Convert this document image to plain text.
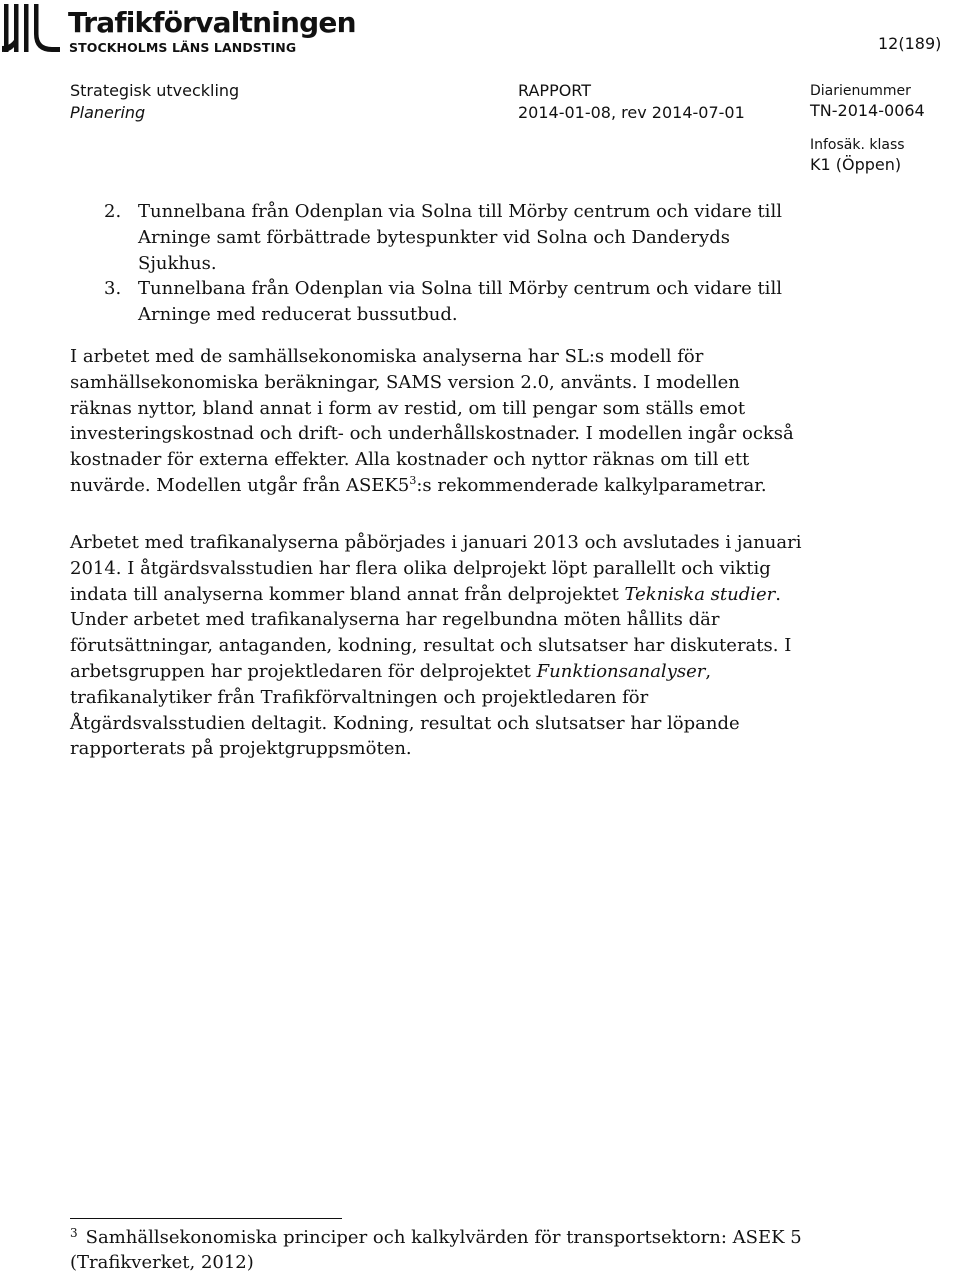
Trafikförvaltningen
STOCKHOLMS LÄNS LANDSTING	12(189)
Strategisk utveckling
Planering
RAPPORT
2014-01-08, rev 2014-07-01
Diarienummer
TN-2014-0064
Infosäk. klass
K1 (Öppen)
2. Tunnelbana från Odenplan via Solna till Mörby centrum och vidare till
Arninge samt förbättrade bytespunkter vid Solna och Danderyds
Sjukhus.
3. Tunnelbana från Odenplan via Solna till Mörby centrum och vidare till
Arninge med reducerat bussutbud.
I arbetet med de samhällsekonomiska analyserna har SL:s modell för
samhällsekonomiska beräkningar, SAMS version 2.0, använts. I modellen
räknas nyttor, bland annat i form av restid, om till pengar som ställs emot
investeringskostnad och drift- och underhållskostnader. I modellen ingår också
kostnader för externa effekter. Alla kostnader och nyttor räknas om till ett
nuvärde. Modellen utgår från $ASEK5^3:s$ rekommenderade kalkylparametrar.
Arbetet med trafikanalyserna påbörjades i januari 2013 och avslutades i januari
2014. I åtgärdsvalsstudien har flera olika delprojekt löpt parallellt och viktig
indata till analyserna kommer bland annat från delprojektet Tekniska studier.
Under arbetet med trafikanalyserna har regelbundna möten hållits där
förutsättningar, antaganden, kodning, resultat och slutsatser har diskuterats. I
arbetsgruppen har projektledaren för delprojektet Funktionsanalyser,
trafikanalytiker från Trafikförvaltningen och projektledaren för
Åtgärdsvalsstudien deltagit. Kodning, resultat och slutsatser har löpande
rapporterats på projektgruppsmöten.
$^3$ Samhällsekonomiska principer och kalkylvärden för transportsektorn: ASEK 5
(Trafikverket, 2012)
